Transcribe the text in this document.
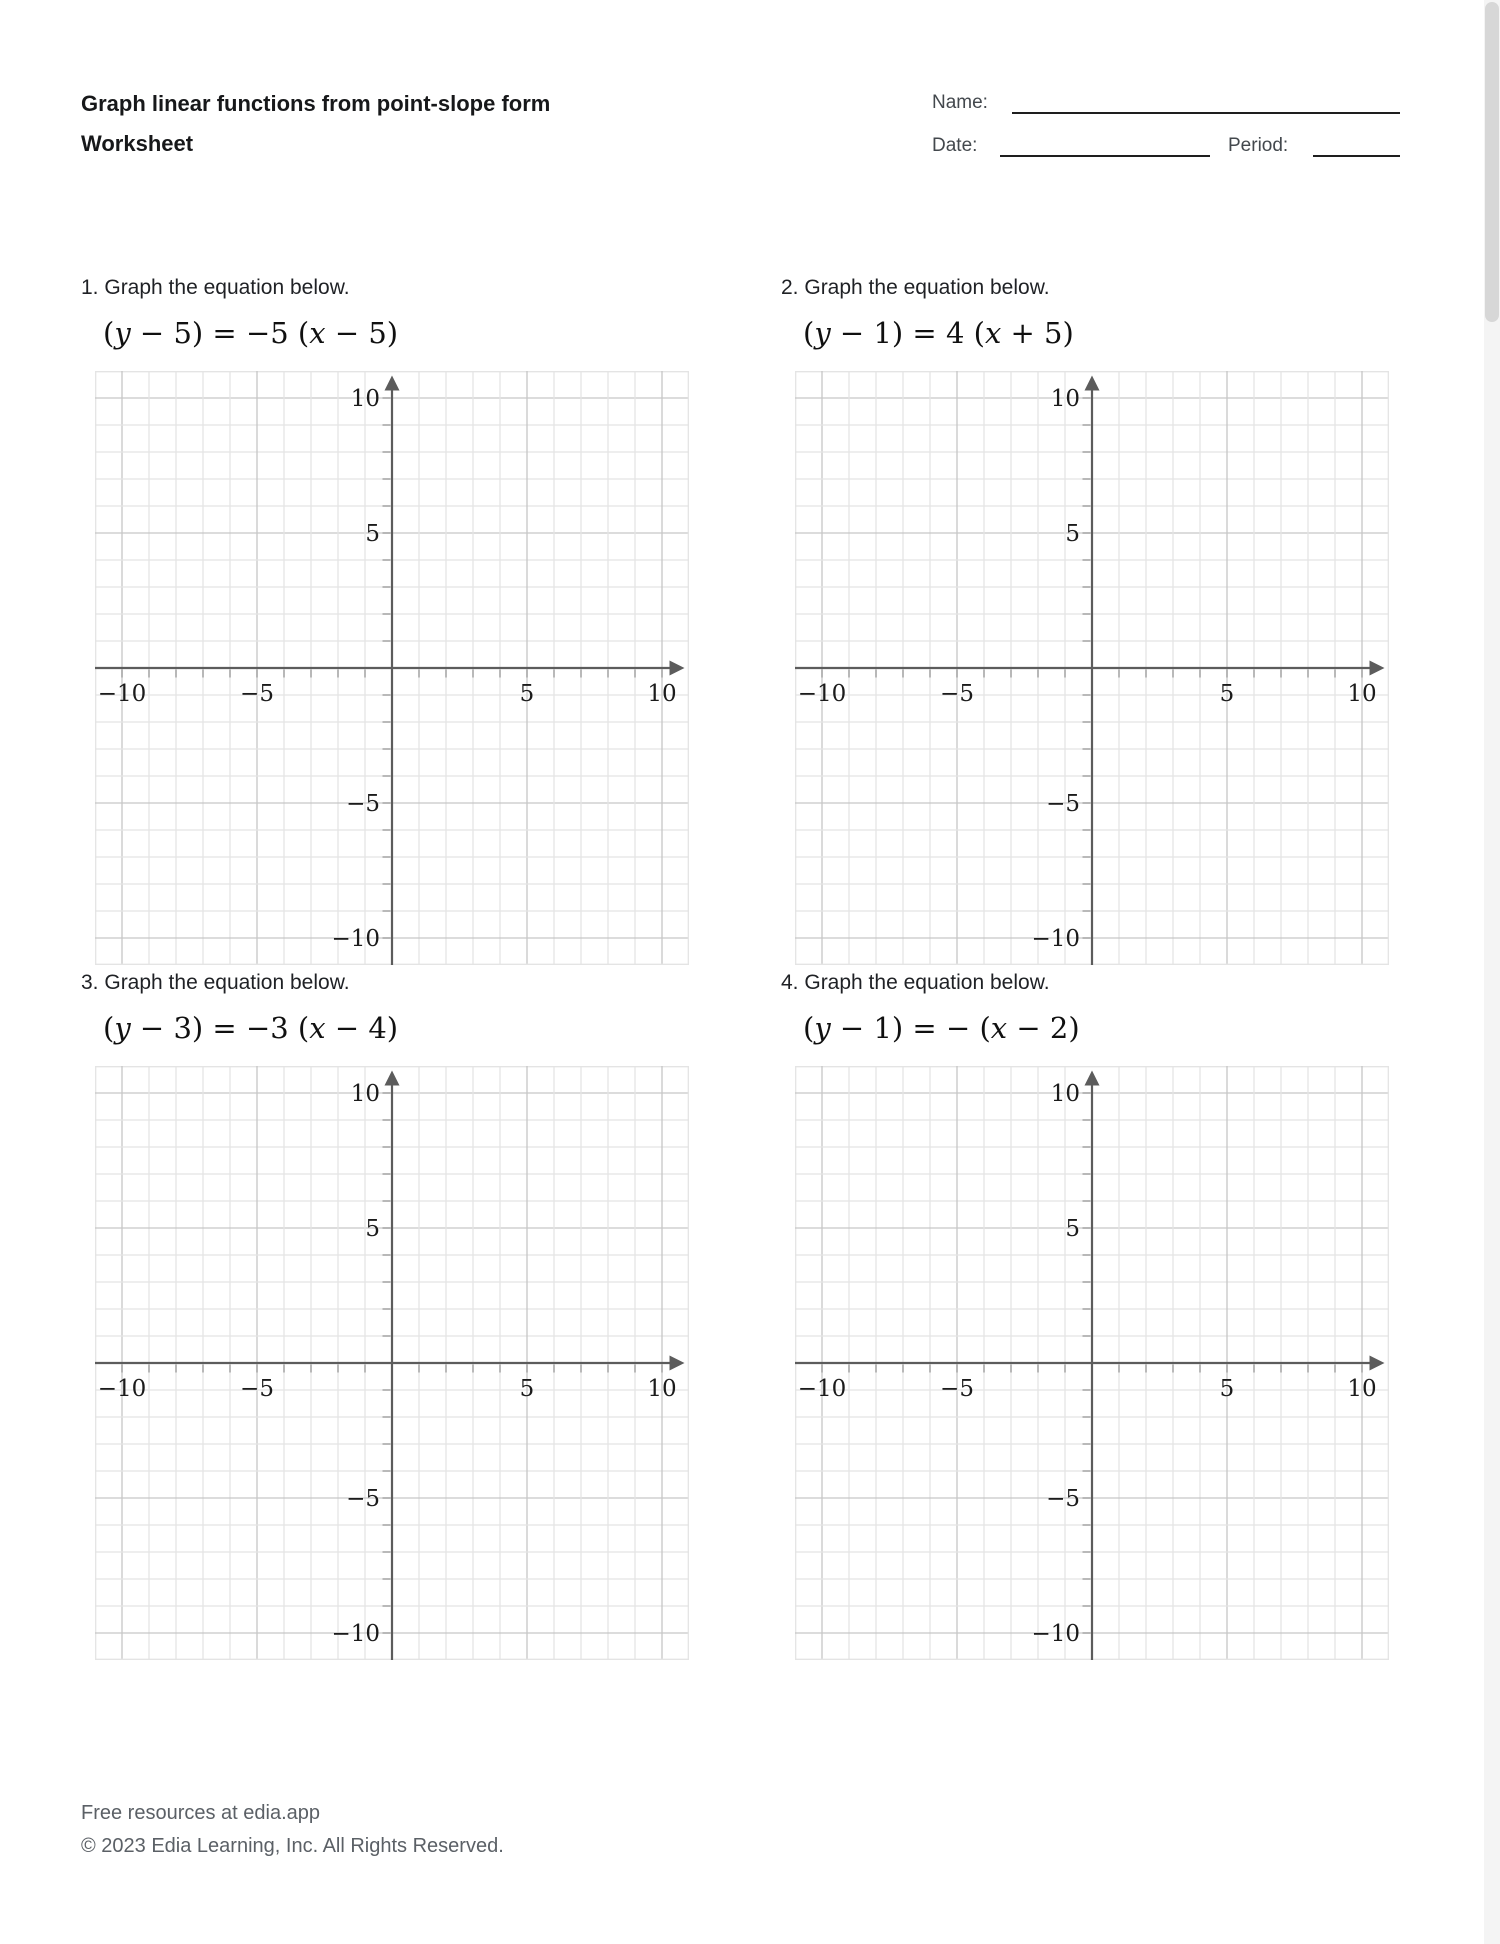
Graph linear functions from point-slope form
Worksheet
Name:
Date:	Period:
1. Graph the equation below.
(y − 5) = −5 (x − 5)
−10	−5	5	10
10
5
−5
−10
2. Graph the equation below.
(y − 1) = 4 (x + 5)
−10	−5	5	10
10
5
−5
−10
3. Graph the equation below.
(y − 3) = −3 (x − 4)
−10	−5	5	10
10
5
−5
−10
4. Graph the equation below.
(y − 1) = − (x − 2)
−10	−5	5	10
10
5
−5
−10
Free resources at edia.app
© 2023 Edia Learning, Inc. All Rights Reserved.
